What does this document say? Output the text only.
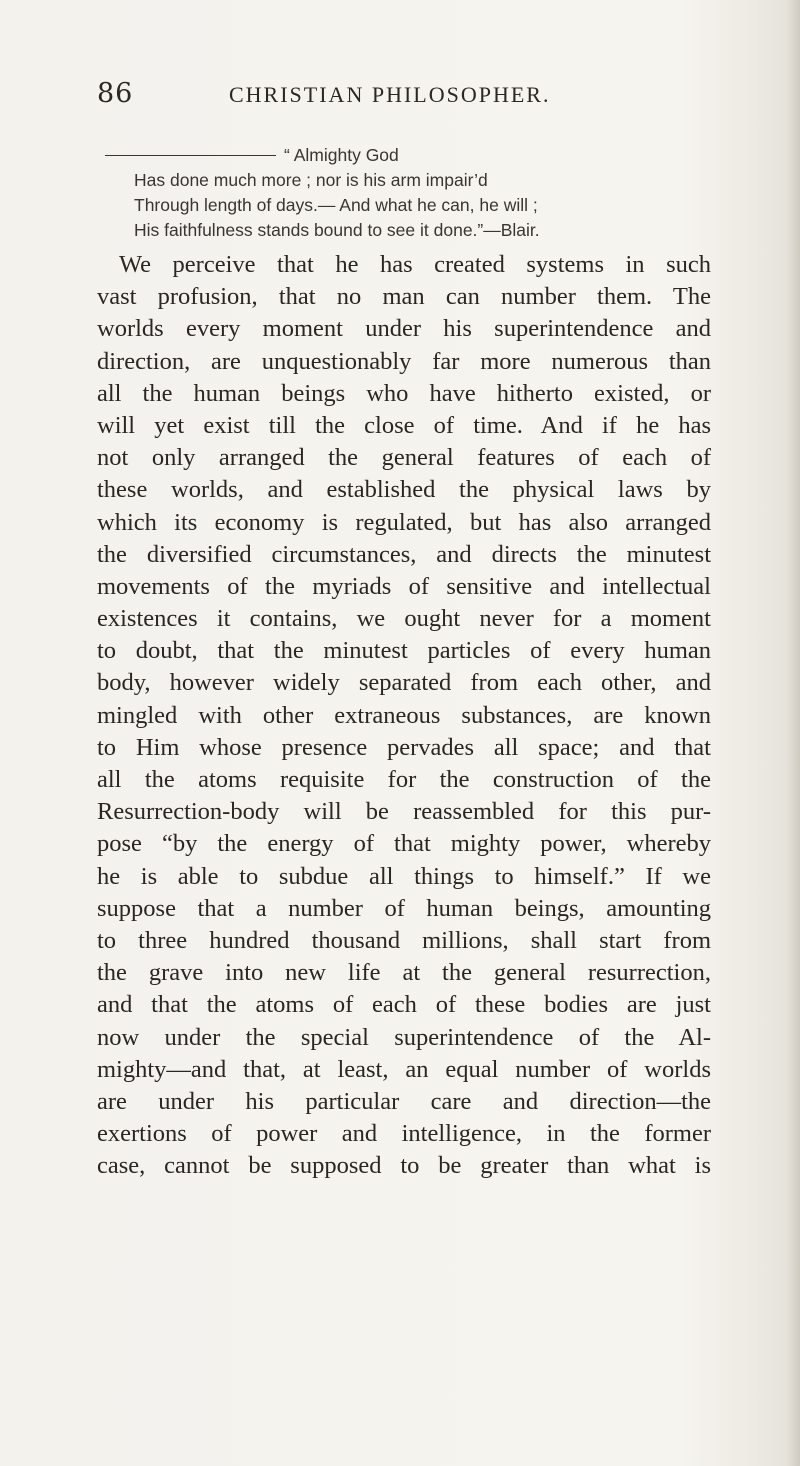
86	CHRISTIAN PHILOSOPHER.
“ Almighty God
Has done much more ; nor is his arm impair’d
Through length of days.— And what he can, he will ;
His faithfulness stands bound to see it done.”—Blair.
We perceive that he has created systems in such
vast profusion, that no man can number them. The
worlds every moment under his superintendence and
direction, are unquestionably far more numerous than
all the human beings who have hitherto existed, or
will yet exist till the close of time. And if he has
not only arranged the general features of each of
these worlds, and established the physical laws by
which its economy is regulated, but has also arranged
the diversified circumstances, and directs the minutest
movements of the myriads of sensitive and intellectual
existences it contains, we ought never for a moment
to doubt, that the minutest particles of every human
body, however widely separated from each other, and
mingled with other extraneous substances, are known
to Him whose presence pervades all space; and that
all the atoms requisite for the construction of the
Resurrection-body will be reassembled for this pur-
pose “by the energy of that mighty power, whereby
he is able to subdue all things to himself.” If we
suppose that a number of human beings, amounting
to three hundred thousand millions, shall start from
the grave into new life at the general resurrection,
and that the atoms of each of these bodies are just
now under the special superintendence of the Al-
mighty—and that, at least, an equal number of worlds
are under his particular care and direction—the
exertions of power and intelligence, in the former
case, cannot be supposed to be greater than what is
